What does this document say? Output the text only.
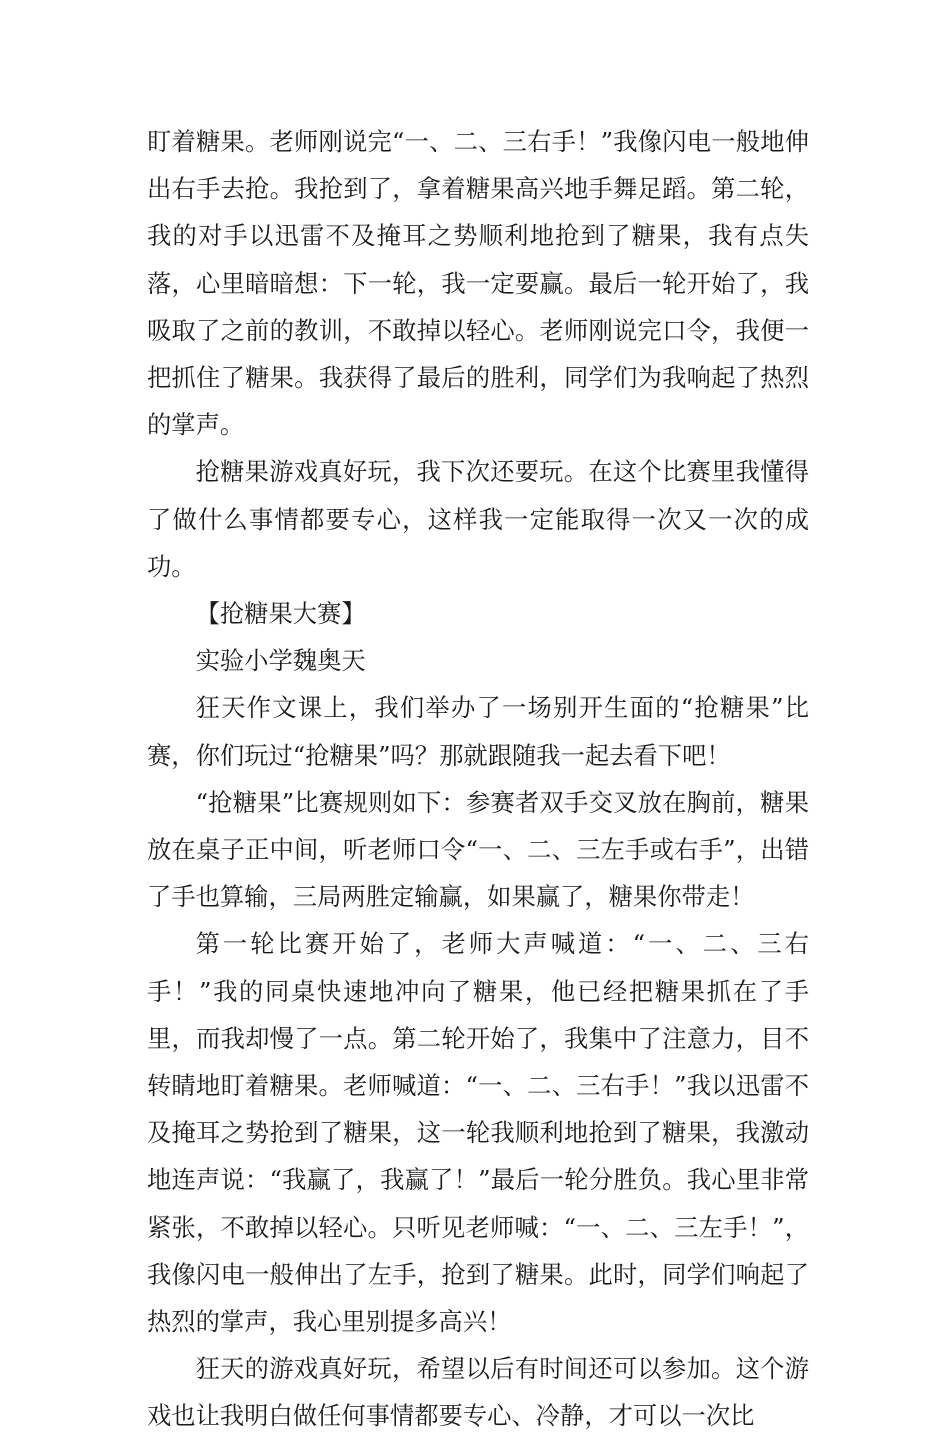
盯着糖果。老师刚说完“一、二、三右手！”我像闪电一般地伸出右手去抢。我抢到了，拿着糖果高兴地手舞足蹈。第二轮，我的对手以迅雷不及掩耳之势顺利地抢到了糖果，我有点失落，心里暗暗想：下一轮，我一定要赢。最后一轮开始了，我吸取了之前的教训，不敢掉以轻心。老师刚说完口令，我便一把抓住了糖果。我获得了最后的胜利，同学们为我响起了热烈的掌声。

抢糖果游戏真好玩，我下次还要玩。在这个比赛里我懂得了做什么事情都要专心，这样我一定能取得一次又一次的成功。

【抢糖果大赛】

实验小学魏奥天

狂天作文课上，我们举办了一场别开生面的“抢糖果”比赛，你们玩过“抢糖果”吗？那就跟随我一起去看下吧！

“抢糖果”比赛规则如下：参赛者双手交叉放在胸前，糖果放在桌子正中间，听老师口令“一、二、三左手或右手”，出错了手也算输，三局两胜定输赢，如果赢了，糖果你带走！

第一轮比赛开始了，老师大声喊道：“一、二、三右手！”我的同桌快速地冲向了糖果，他已经把糖果抓在了手里，而我却慢了一点。第二轮开始了，我集中了注意力，目不转睛地盯着糖果。老师喊道：“一、二、三右手！”我以迅雷不及掩耳之势抢到了糖果，这一轮我顺利地抢到了糖果，我激动地连声说：“我赢了，我赢了！”最后一轮分胜负。我心里非常紧张，不敢掉以轻心。只听见老师喊：“一、二、三左手！”，我像闪电一般伸出了左手，抢到了糖果。此时，同学们响起了热烈的掌声，我心里别提多高兴！

狂天的游戏真好玩，希望以后有时间还可以参加。这个游戏也让我明白做任何事情都要专心、冷静，才可以一次比
